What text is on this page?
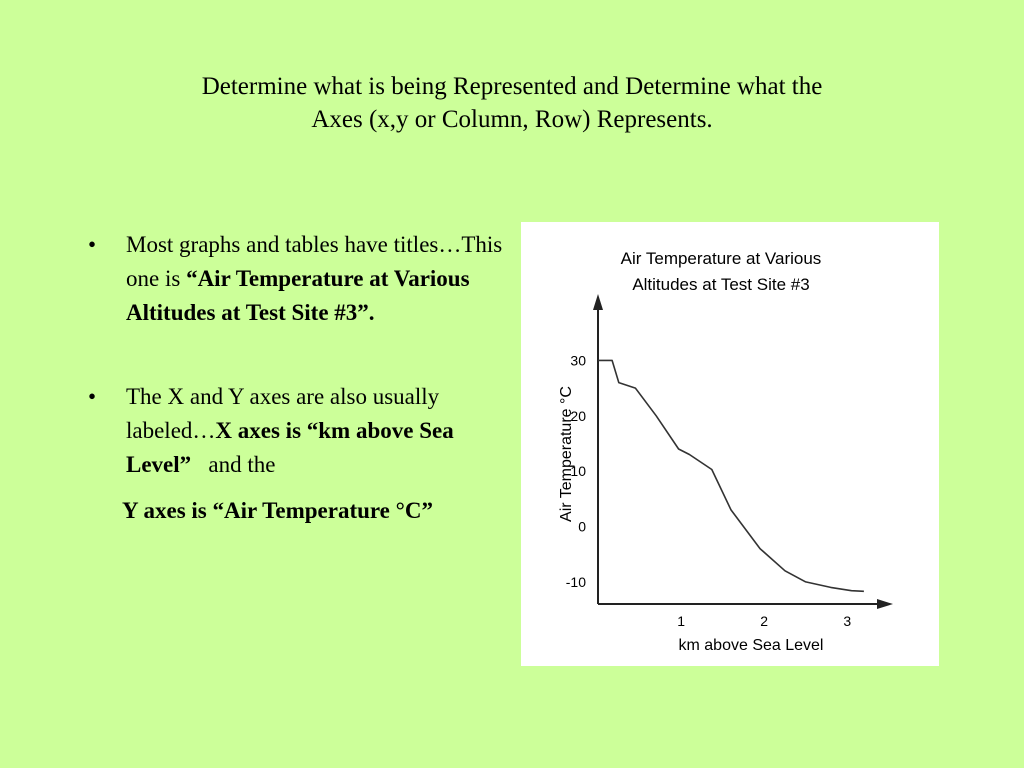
Determine what is being Represented and Determine what the
Axes (x,y or Column, Row) Represents.
• Most graphs and tables have titles…This one is “Air Temperature at Various Altitudes at Test Site #3”.
• The X and Y axes are also usually labeled…X axes is “km above Sea Level”   and the
Y axes is “Air Temperature °C”
Air Temperature at Various
Altitudes at Test Site #3
Air Temperature °C
km above Sea Level
30
20
10
0
-10
1	2	3
